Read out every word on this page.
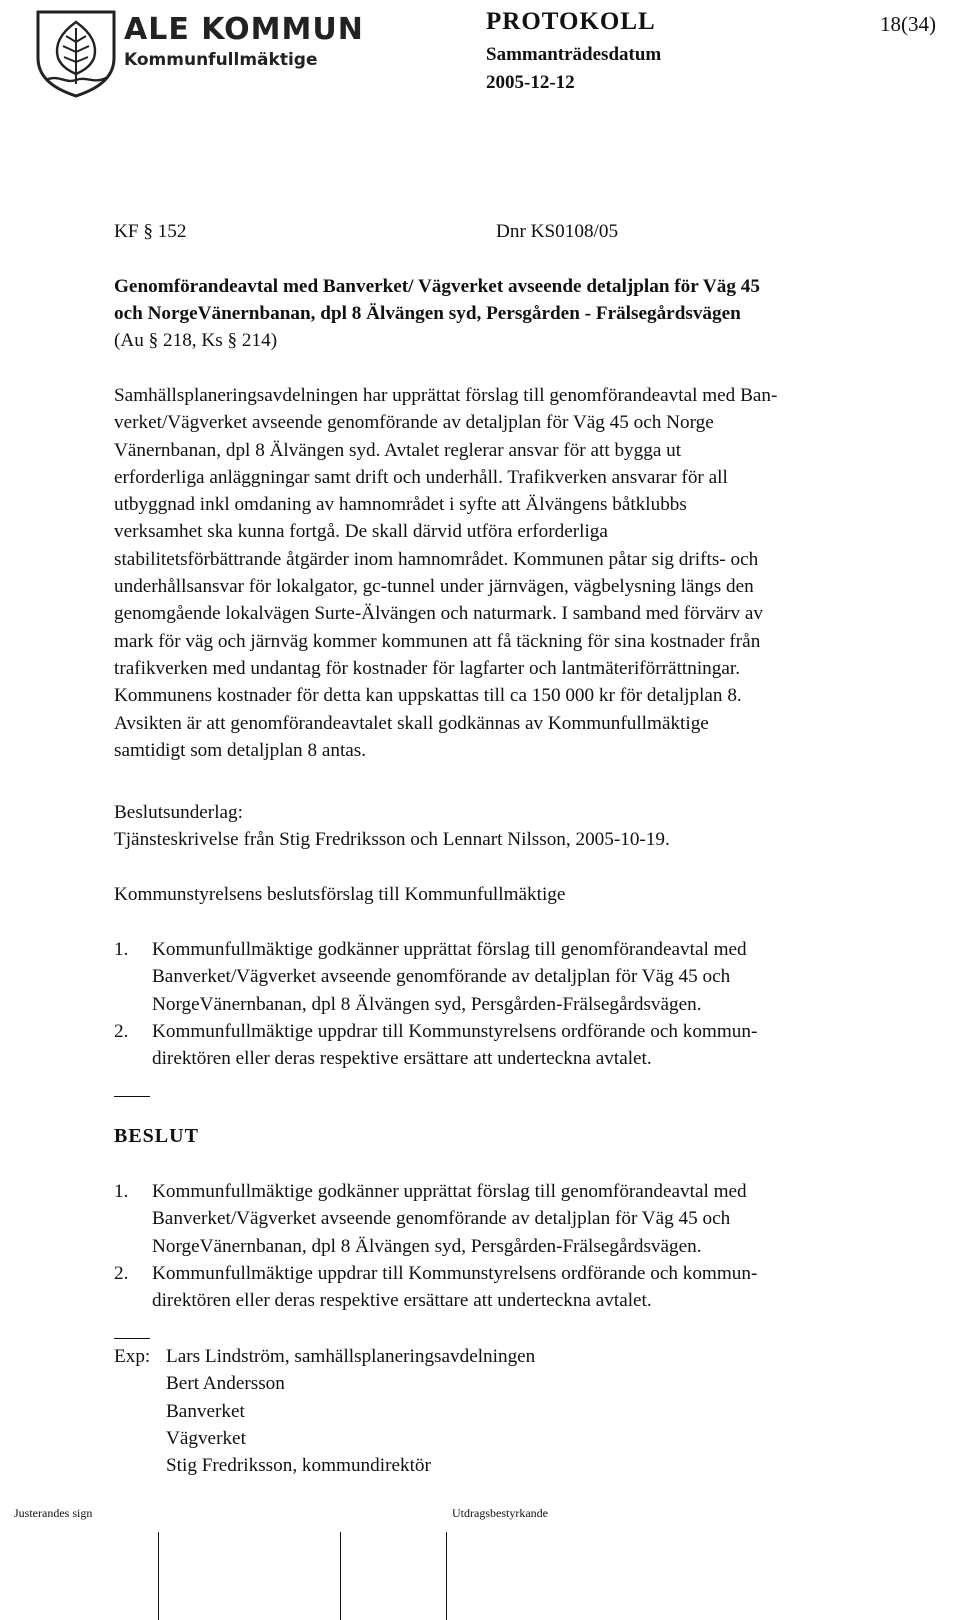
ALE KOMMUN
Kommunfullmäktige
PROTOKOLL	18(34)
Sammanträdesdatum
2005-12-12
KF § 152	Dnr KS0108/05
Genomförandeavtal med Banverket/ Vägverket avseende detaljplan för Väg 45
och NorgeVänernbanan, dpl 8 Älvängen syd, Persgården - Frälsegårdsvägen
(Au § 218, Ks § 214)
Samhällsplaneringsavdelningen har upprättat förslag till genomförandeavtal med Ban-
verket/Vägverket avseende genomförande av detaljplan för Väg 45 och Norge
Vänernbanan, dpl 8 Älvängen syd. Avtalet reglerar ansvar för att bygga ut
erforderliga anläggningar samt drift och underhåll. Trafikverken ansvarar för all
utbyggnad inkl omdaning av hamnområdet i syfte att Älvängens båtklubbs
verksamhet ska kunna fortgå. De skall därvid utföra erforderliga
stabilitetsförbättrande åtgärder inom hamnområdet. Kommunen påtar sig drifts- och
underhållsansvar för lokalgator, gc-tunnel under järnvägen, vägbelysning längs den
genomgående lokalvägen Surte-Älvängen och naturmark. I samband med förvärv av
mark för väg och järnväg kommer kommunen att få täckning för sina kostnader från
trafikverken med undantag för kostnader för lagfarter och lantmäteriförrättningar.
Kommunens kostnader för detta kan uppskattas till ca 150 000 kr för detaljplan 8.
Avsikten är att genomförandeavtalet skall godkännas av Kommunfullmäktige
samtidigt som detaljplan 8 antas.
Beslutsunderlag:
Tjänsteskrivelse från Stig Fredriksson och Lennart Nilsson, 2005-10-19.
Kommunstyrelsens beslutsförslag till Kommunfullmäktige
1. Kommunfullmäktige godkänner upprättat förslag till genomförandeavtal med
Banverket/Vägverket avseende genomförande av detaljplan för Väg 45 och
NorgeVänernbanan, dpl 8 Älvängen syd, Persgården-Frälsegårdsvägen.
2. Kommunfullmäktige uppdrar till Kommunstyrelsens ordförande och kommun-
direktören eller deras respektive ersättare att underteckna avtalet.
BESLUT
1. Kommunfullmäktige godkänner upprättat förslag till genomförandeavtal med
Banverket/Vägverket avseende genomförande av detaljplan för Väg 45 och
NorgeVänernbanan, dpl 8 Älvängen syd, Persgården-Frälsegårdsvägen.
2. Kommunfullmäktige uppdrar till Kommunstyrelsens ordförande och kommun-
direktören eller deras respektive ersättare att underteckna avtalet.
Exp: Lars Lindström, samhällsplaneringsavdelningen
Bert Andersson
Banverket
Vägverket
Stig Fredriksson, kommundirektör
Justerandes sign	Utdragsbestyrkande
